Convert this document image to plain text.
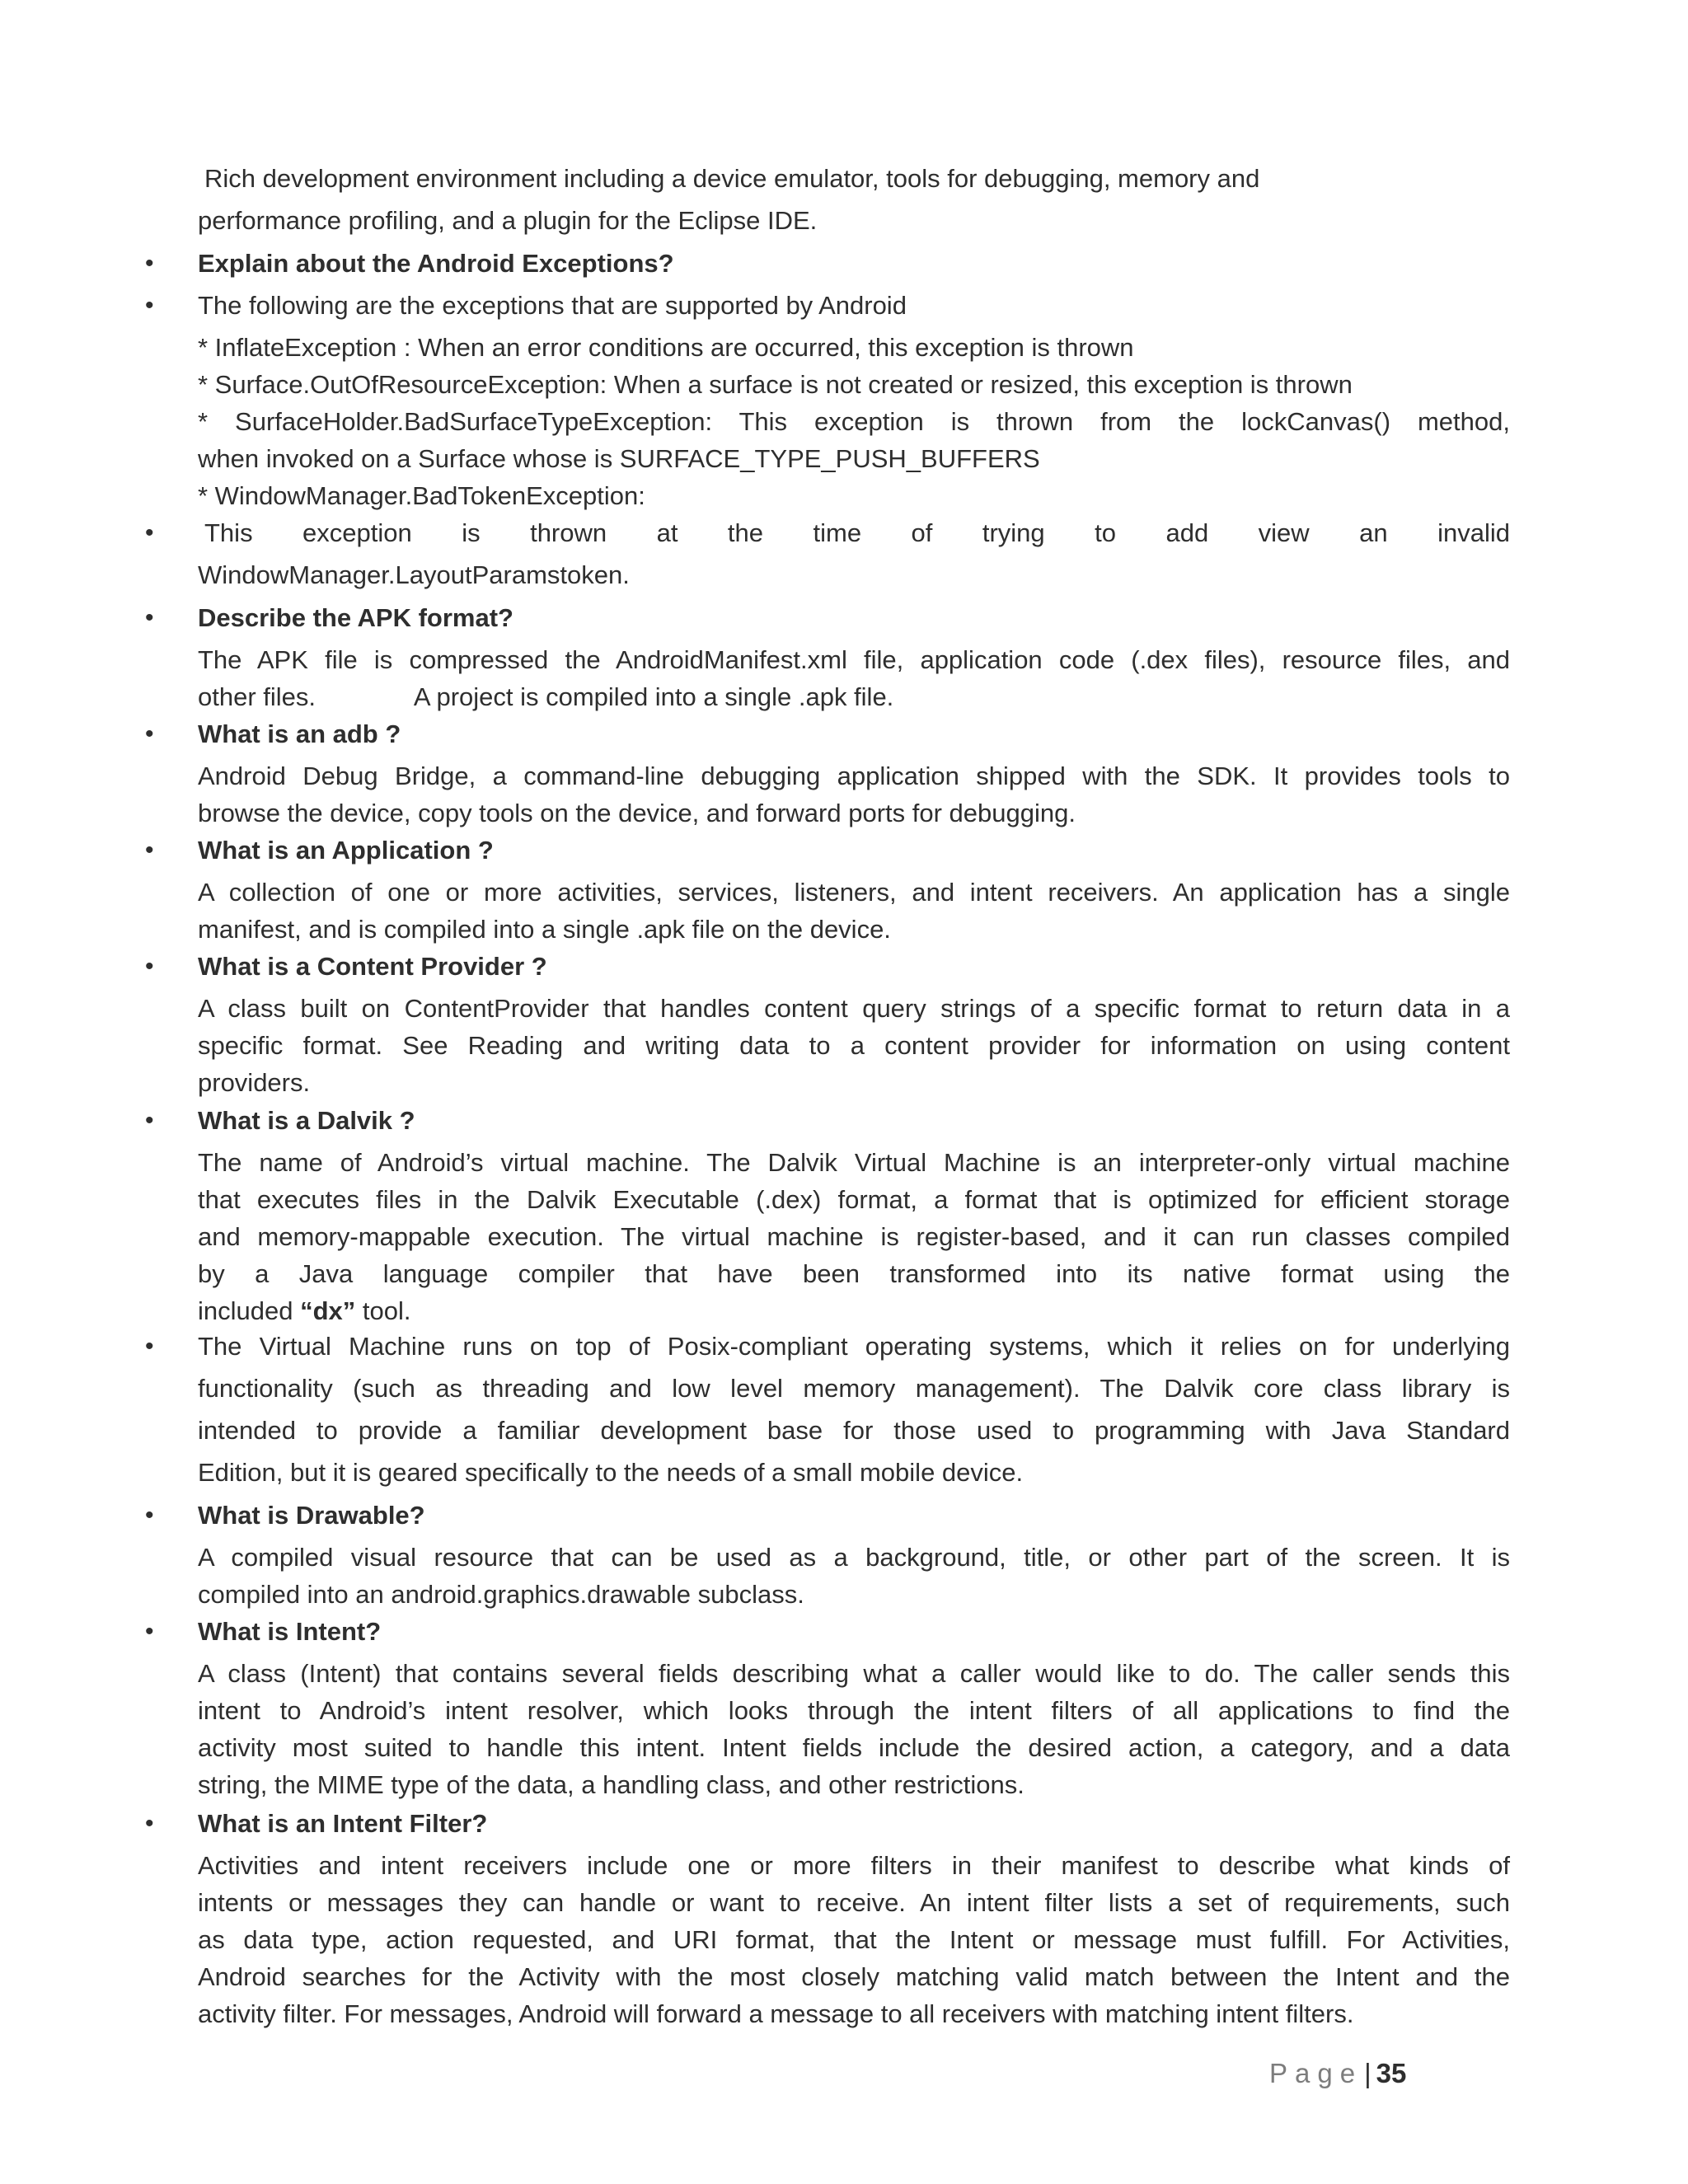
•

•

•

•

•

•

•

•

•

•

•

•

Rich development environment including a device emulator, tools for debugging, memory and

performance profiling, and a plugin for the Eclipse IDE.

Explain about the Android Exceptions?

The following are the exceptions that are supported by Android

* InflateException : When an error conditions are occurred, this exception is thrown

* Surface.OutOfResourceException: When a surface is not created or resized, this exception is thrown

* SurfaceHolder.BadSurfaceTypeException: This exception is thrown from the lockCanvas() method,

when invoked on a Surface whose is SURFACE_TYPE_PUSH_BUFFERS

* WindowManager.BadTokenException:

This exception is thrown at the time of trying to add view an invalid

WindowManager.LayoutParamstoken.

Describe the APK format?

The APK file is compressed the AndroidManifest.xml file, application code (.dex files), resource files, and

other files.              A project is compiled into a single .apk file.

What is an adb ?

Android Debug Bridge, a command-line debugging application shipped with the SDK. It provides tools to

browse the device, copy tools on the device, and forward ports for debugging.

What is an Application ?

A collection of one or more activities, services, listeners, and intent receivers. An application has a single

manifest, and is compiled into a single .apk file on the device.

What is a Content Provider ?

A class built on ContentProvider that handles content query strings of a specific format to return data in a

specific format. See Reading and writing data to a content provider for information on using content

providers.

What is a Dalvik ?

The name of Android’s virtual machine. The Dalvik Virtual Machine is an interpreter-only virtual machine

that executes files in the Dalvik Executable (.dex) format, a format that is optimized for efficient storage

and memory-mappable execution. The virtual machine is register-based, and it can run classes compiled

by a Java language compiler that have been transformed into its native format using the

included “dx” tool.

The Virtual Machine runs on top of Posix-compliant operating systems, which it relies on for underlying

functionality (such as threading and low level memory management). The Dalvik core class library is

intended to provide a familiar development base for those used to programming with Java Standard

Edition, but it is geared specifically to the needs of a small mobile device.

What is Drawable?

A compiled visual resource that can be used as a background, title, or other part of the screen. It is

compiled into an android.graphics.drawable subclass.

What is Intent?

A class (Intent) that contains several fields describing what a caller would like to do. The caller sends this

intent to Android’s intent resolver, which looks through the intent filters of all applications to find the

activity most suited to handle this intent. Intent fields include the desired action, a category, and a data

string, the MIME type of the data, a handling class, and other restrictions.

What is an Intent Filter?

Activities and intent receivers include one or more filters in their manifest to describe what kinds of

intents or messages they can handle or want to receive. An intent filter lists a set of requirements, such

as data type, action requested, and URI format, that the Intent or message must fulfill. For Activities,

Android searches for the Activity with the most closely matching valid match between the Intent and the

activity filter. For messages, Android will forward a message to all receivers with matching intent filters.

Page| 35
